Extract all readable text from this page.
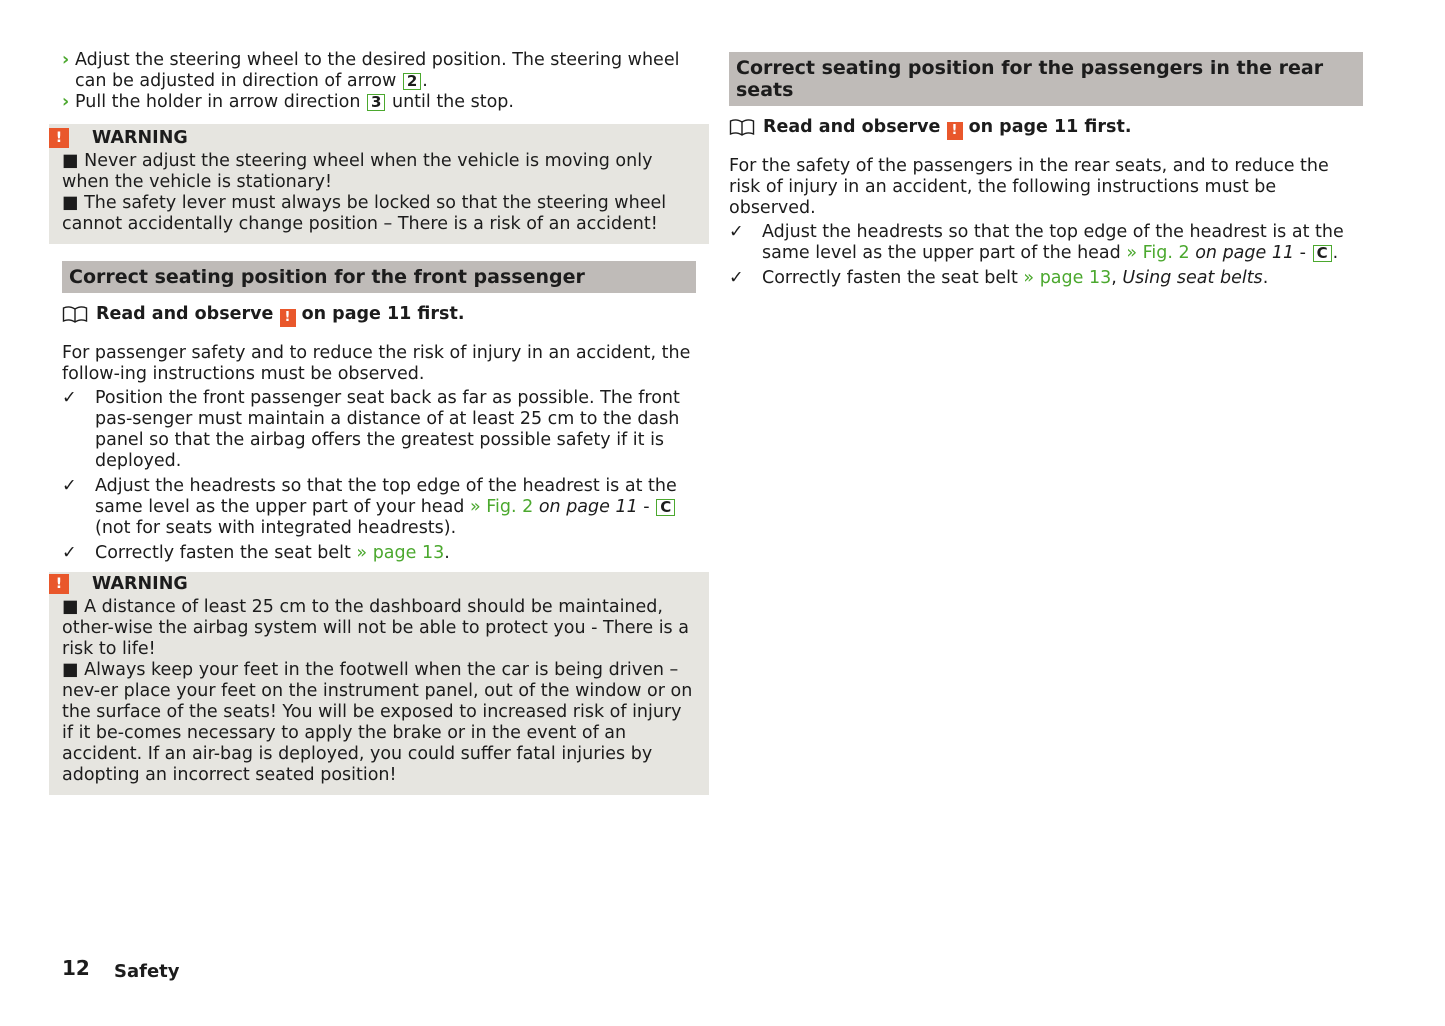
› Adjust the steering wheel to the desired position. The steering wheel can be adjusted in direction of arrow 2 .
› Pull the holder in arrow direction 3 until the stop.
!	WARNING
■ Never adjust the steering wheel when the vehicle is moving only when the vehicle is stationary!
■ The safety lever must always be locked so that the steering wheel cannot accidentally change position – There is a risk of an accident!
Correct seating position for the front passenger
Read and observe ! on page 11 first.
For passenger safety and to reduce the risk of injury in an accident, the follow-ing instructions must be observed.
✓ Position the front passenger seat back as far as possible. The front pas-senger must maintain a distance of at least 25 cm to the dash panel so that the airbag offers the greatest possible safety if it is deployed.
✓ Adjust the headrests so that the top edge of the headrest is at the same level as the upper part of your head » Fig. 2 on page 11 - C (not for seats with integrated headrests).
✓ Correctly fasten the seat belt » page 13.
!	WARNING
■ A distance of least 25 cm to the dashboard should be maintained, other-wise the airbag system will not be able to protect you - There is a risk to life!
■ Always keep your feet in the footwell when the car is being driven – nev-er place your feet on the instrument panel, out of the window or on the surface of the seats! You will be exposed to increased risk of injury if it be-comes necessary to apply the brake or in the event of an accident. If an air-bag is deployed, you could suffer fatal injuries by adopting an incorrect seated position!
Correct seating position for the passengers in the rear seats
Read and observe ! on page 11 first.
For the safety of the passengers in the rear seats, and to reduce the risk of injury in an accident, the following instructions must be observed.
✓ Adjust the headrests so that the top edge of the headrest is at the same level as the upper part of the head » Fig. 2 on page 11 - C .
✓ Correctly fasten the seat belt » page 13, Using seat belts.
12 Safety
